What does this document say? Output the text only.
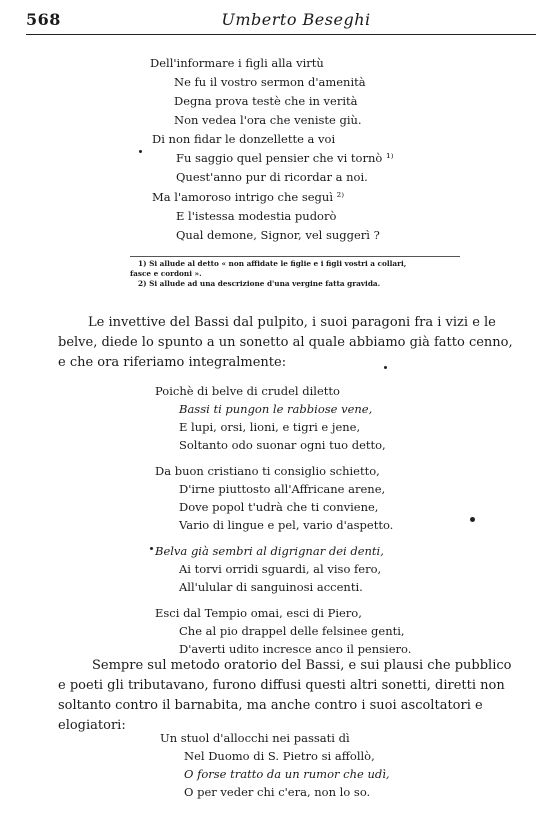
568	Umberto Beseghi
Dell'informare i figli alla virtù
Ne fu il vostro sermon d'amenità
Degna prova testè che in verità
Non vedea l'ora che veniste giù.
Di non fidar le donzellette a voi
Fu saggio quel pensier che vi tornò ¹⁾
Quest'anno pur di ricordar a noi.
Ma l'amoroso intrigo che seguì ²⁾
E l'istessa modestia pudorò
Qual demone, Signor, vel suggerì ?
1) Si allude al detto « non affidate le figlie e i figli vostri a collari,
fasce e cordoni ».
2) Si allude ad una descrizione d'una vergine fatta gravida.
Le invettive del Bassi dal pulpito, i suoi paragoni fra i vizi e le
belve, diede lo spunto a un sonetto al quale abbiamo già fatto cenno,
e che ora riferiamo integralmente:
Poichè di belve di crudel diletto
Bassi ti pungon le rabbiose vene,
E lupi, orsi, lioni, e tigri e jene,
Soltanto odo suonar ogni tuo detto,
Da buon cristiano ti consiglio schietto,
D'irne piuttosto all'Affricane arene,
Dove popol t'udrà che ti conviene,
Vario di lingue e pel, vario d'aspetto.
Belva già sembri al digrignar dei denti,
Ai torvi orridi sguardi, al viso fero,
All'ulular di sanguinosi accenti.
Esci dal Tempio omai, esci di Piero,
Che al pio drappel delle felsinee genti,
D'averti udito incresce anco il pensiero.
Sempre sul metodo oratorio del Bassi, e sui plausi che pubblico
e poeti gli tributavano, furono diffusi questi altri sonetti, diretti non
soltanto contro il barnabita, ma anche contro i suoi ascoltatori e
elogiatori:
Un stuol d'allocchi nei passati dì
Nel Duomo di S. Pietro si affollò,
O forse tratto da un rumor che udì,
O per veder chi c'era, non lo so.
